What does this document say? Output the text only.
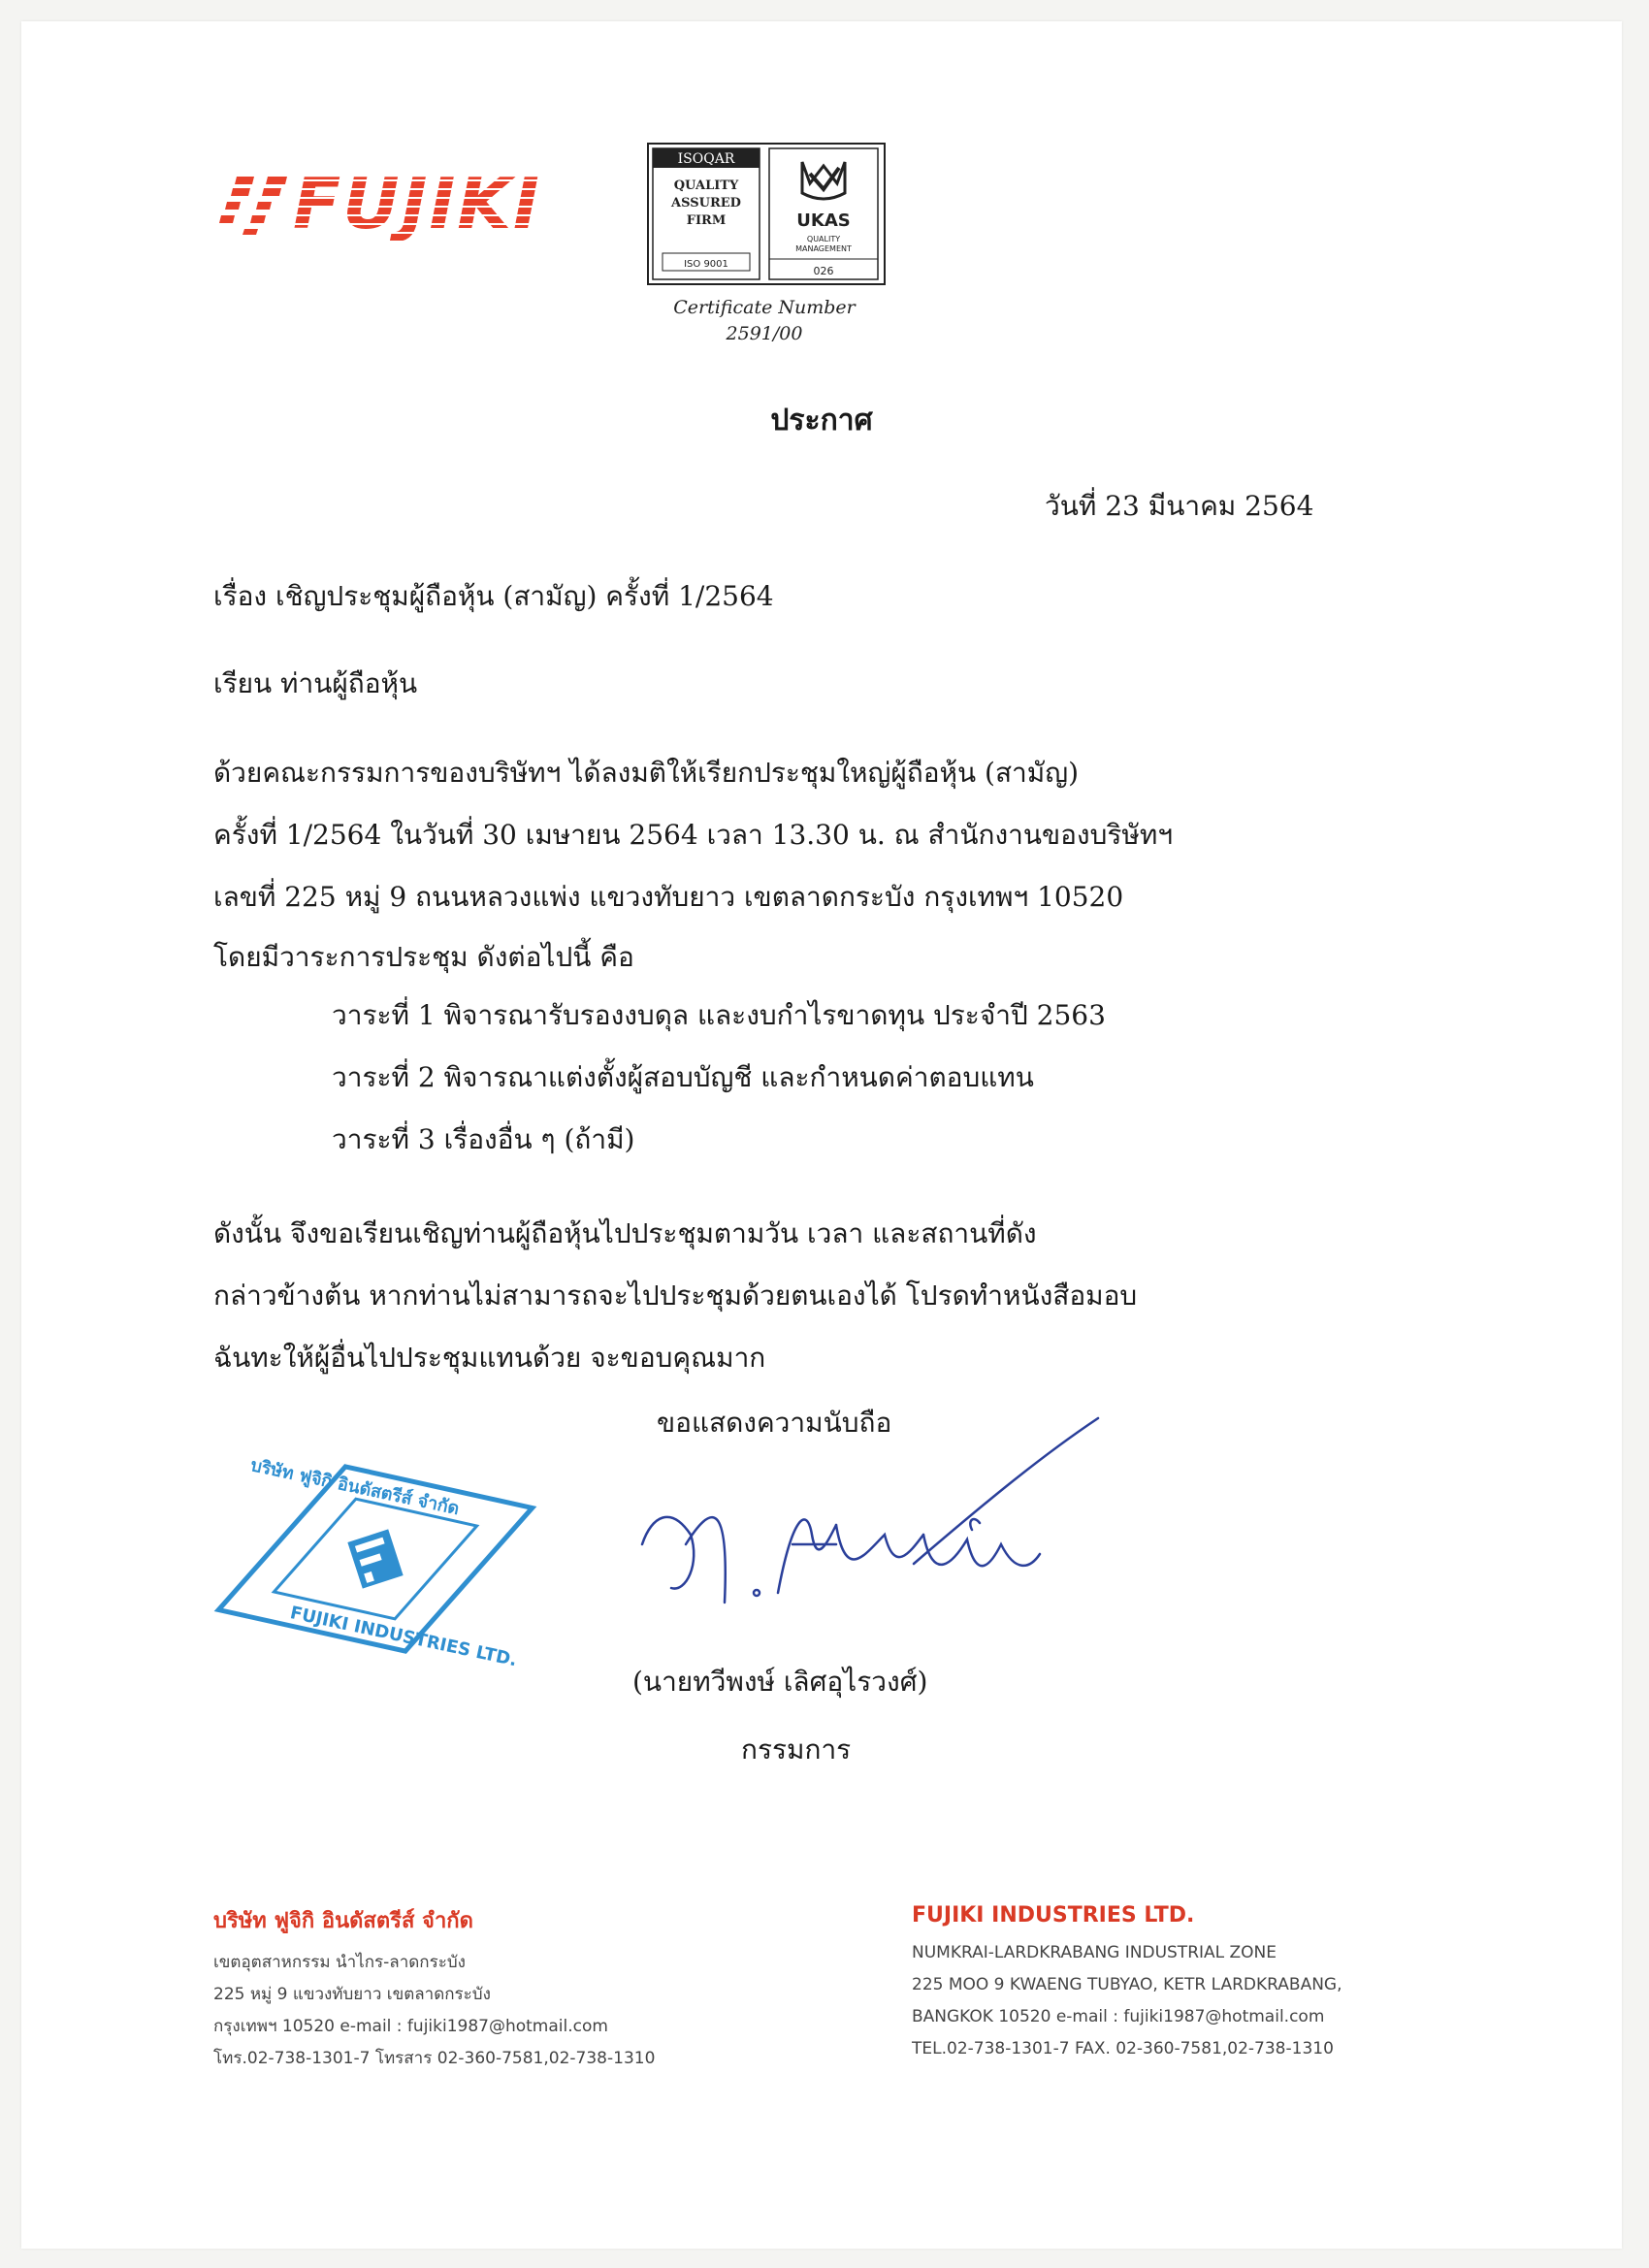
FUJIKI
ISOQAR
QUALITY
ASSURED
FIRM
ISO 9001
UKAS
QUALITY
MANAGEMENT
026
Certificate Number
2591/00
ประกาศ
วันที่ 23 มีนาคม 2564
เรื่อง เชิญประชุมผู้ถือหุ้น (สามัญ) ครั้งที่ 1/2564
เรียน ท่านผู้ถือหุ้น
ด้วยคณะกรรมการของบริษัทฯ ได้ลงมติให้เรียกประชุมใหญ่ผู้ถือหุ้น (สามัญ)
ครั้งที่ 1/2564 ในวันที่ 30 เมษายน 2564 เวลา 13.30 น. ณ สำนักงานของบริษัทฯ
เลขที่ 225 หมู่ 9 ถนนหลวงแพ่ง แขวงทับยาว เขตลาดกระบัง กรุงเทพฯ 10520
โดยมีวาระการประชุม ดังต่อไปนี้ คือ
วาระที่ 1 พิจารณารับรองงบดุล และงบกำไรขาดทุน ประจำปี 2563
วาระที่ 2 พิจารณาแต่งตั้งผู้สอบบัญชี และกำหนดค่าตอบแทน
วาระที่ 3 เรื่องอื่น ๆ (ถ้ามี)
ดังนั้น จึงขอเรียนเชิญท่านผู้ถือหุ้นไปประชุมตามวัน เวลา และสถานที่ดัง
กล่าวข้างต้น หากท่านไม่สามารถจะไปประชุมด้วยตนเองได้ โปรดทำหนังสือมอบ
ฉันทะให้ผู้อื่นไปประชุมแทนด้วย จะขอบคุณมาก
ขอแสดงความนับถือ
บริษัท ฟูจิกิ อินดัสตรีส์ จำกัด
FUJIKI INDUSTRIES LTD.
(นายทวีพงษ์ เลิศอุไรวงศ์)
กรรมการ
บริษัท ฟูจิกิ อินดัสตรีส์ จำกัด
เขตอุตสาหกรรม นำไกร-ลาดกระบัง
225 หมู่ 9 แขวงทับยาว เขตลาดกระบัง
กรุงเทพฯ 10520 e-mail : fujiki1987@hotmail.com
โทร.02-738-1301-7 โทรสาร 02-360-7581,02-738-1310
FUJIKI INDUSTRIES LTD.
NUMKRAI-LARDKRABANG INDUSTRIAL ZONE
225 MOO 9 KWAENG TUBYAO, KETR LARDKRABANG,
BANGKOK 10520 e-mail : fujiki1987@hotmail.com
TEL.02-738-1301-7 FAX. 02-360-7581,02-738-1310
